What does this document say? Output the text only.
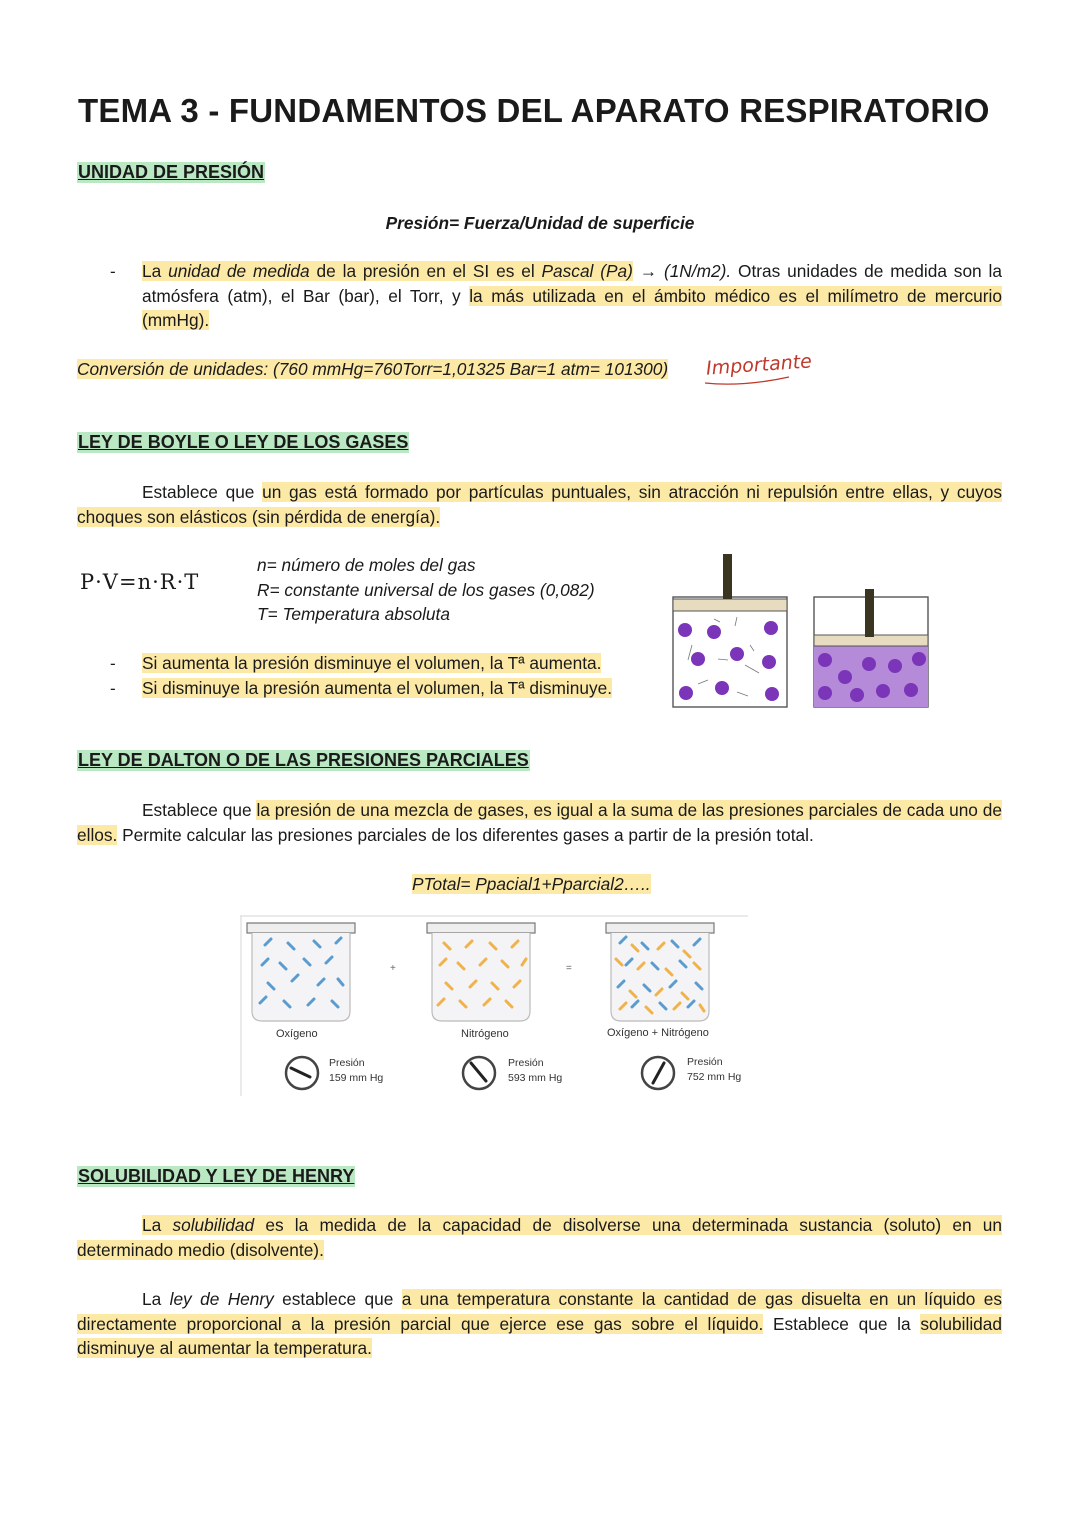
TEMA 3 - FUNDAMENTOS DEL APARATO RESPIRATORIO
UNIDAD DE PRESIÓN
Presión= Fuerza/Unidad de superficie
- La unidad de medida de la presión en el SI es el Pascal (Pa) → (1N/m2). Otras unidades de medida son la atmósfera (atm), el Bar (bar), el Torr, y la más utilizada en el ámbito médico es el milímetro de mercurio (mmHg).
Conversión de unidades: (760 mmHg=760Torr=1,01325 Bar=1 atm= 101300) Importante
LEY DE BOYLE O LEY DE LOS GASES
Establece que un gas está formado por partículas puntuales, sin atracción ni repulsión entre ellas, y cuyos choques son elásticos (sin pérdida de energía).
P·V=n·R·T
n= número de moles del gas
R= constante universal de los gases (0,082)
T= Temperatura absoluta
- Si aumenta la presión disminuye el volumen, la Tª aumenta.
- Si disminuye la presión aumenta el volumen, la Tª disminuye.
LEY DE DALTON O DE LAS PRESIONES PARCIALES
Establece que la presión de una mezcla de gases, es igual a la suma de las presiones parciales de cada uno de ellos. Permite calcular las presiones parciales de los diferentes gases a partir de la presión total.
PTotal= Ppacial1+Pparcial2…..
+	=
Oxígeno	Nitrógeno	Oxígeno + Nitrógeno
Presión
159 mm Hg
Presión
593 mm Hg
Presión
752 mm Hg
SOLUBILIDAD Y LEY DE HENRY
La solubilidad es la medida de la capacidad de disolverse una determinada sustancia (soluto) en un determinado medio (disolvente).
La ley de Henry establece que a una temperatura constante la cantidad de gas disuelta en un líquido es directamente proporcional a la presión parcial que ejerce ese gas sobre el líquido. Establece que la solubilidad disminuye al aumentar la temperatura.
